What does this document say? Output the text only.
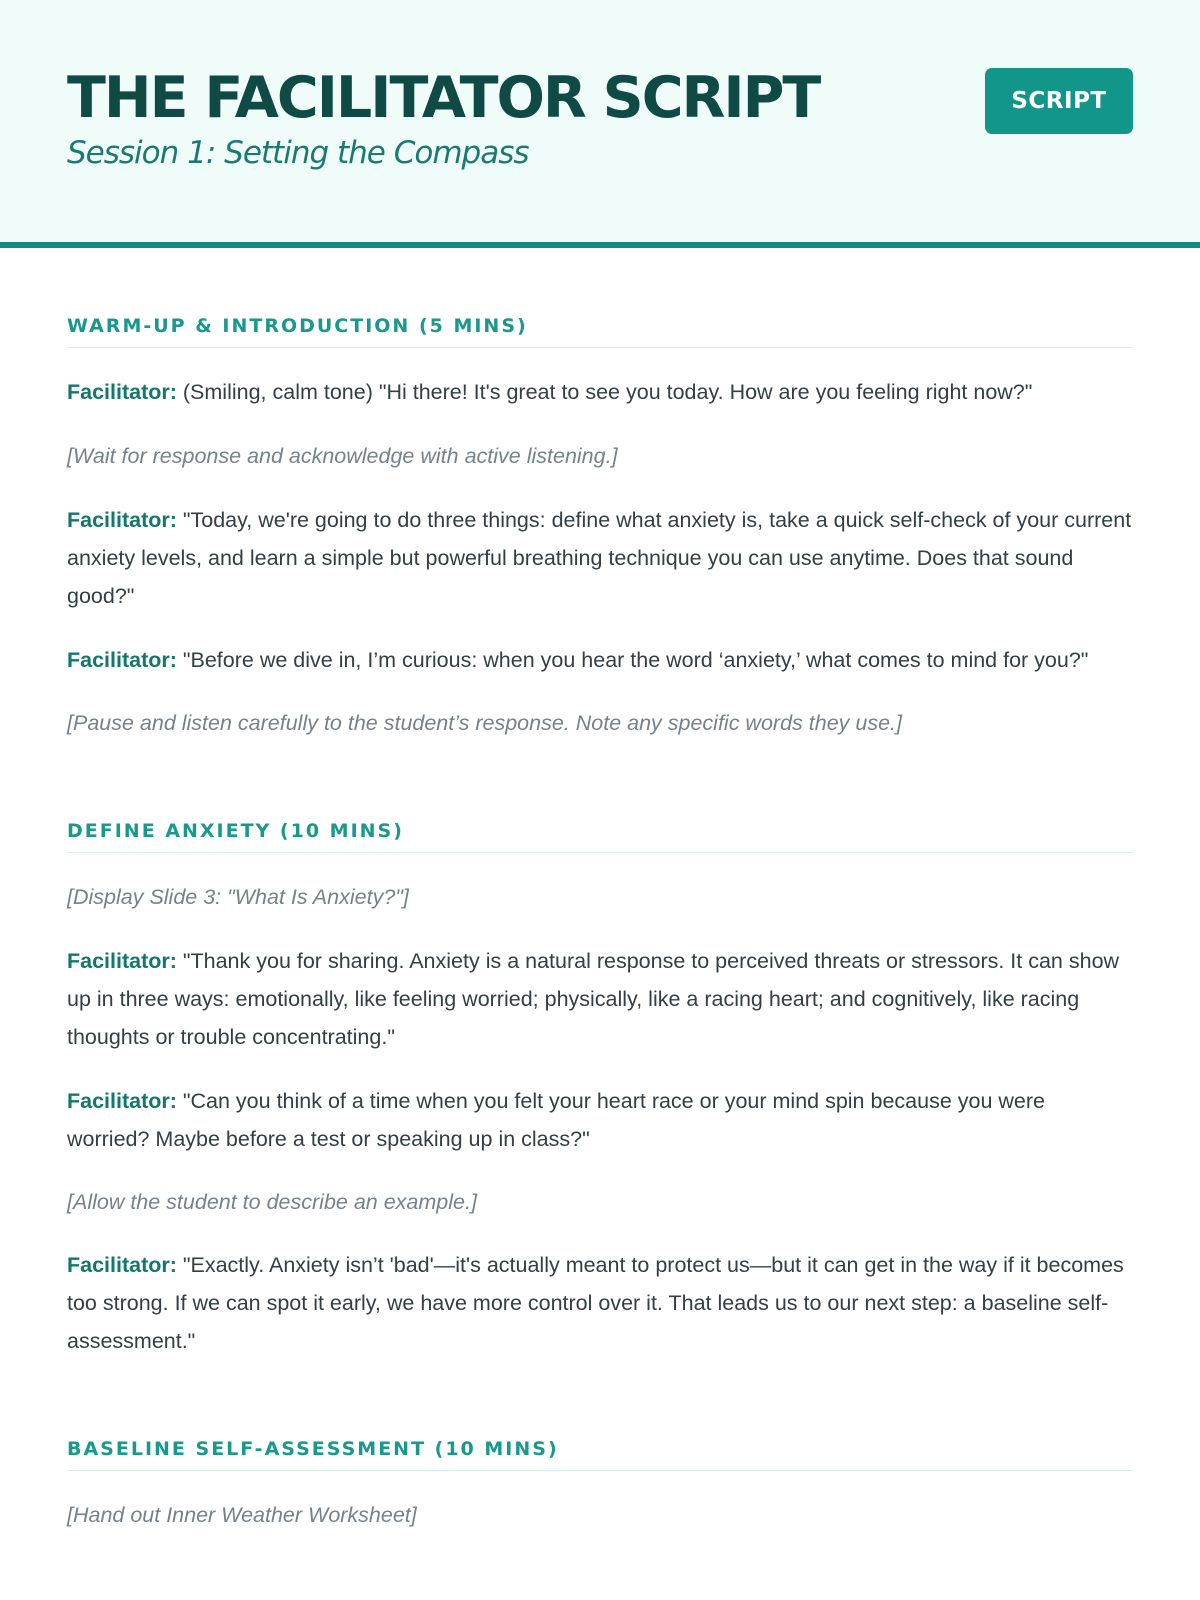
THE FACILITATOR SCRIPT

Session 1: Setting the Compass

SCRIPT
WARM-UP & INTRODUCTION (5 MINS)

Facilitator: (Smiling, calm tone) "Hi there! It's great to see you today. How are you feeling right now?"

[Wait for response and acknowledge with active listening.]

Facilitator: "Today, we're going to do three things: define what anxiety is, take a quick self-check of your current anxiety levels, and learn a simple but powerful breathing technique you can use anytime. Does that sound good?"

Facilitator: "Before we dive in, I’m curious: when you hear the word ‘anxiety,’ what comes to mind for you?"

[Pause and listen carefully to the student’s response. Note any specific words they use.]

DEFINE ANXIETY (10 MINS)

[Display Slide 3: "What Is Anxiety?"]

Facilitator: "Thank you for sharing. Anxiety is a natural response to perceived threats or stressors. It can show up in three ways: emotionally, like feeling worried; physically, like a racing heart; and cognitively, like racing thoughts or trouble concentrating."

Facilitator: "Can you think of a time when you felt your heart race or your mind spin because you were worried? Maybe before a test or speaking up in class?"

[Allow the student to describe an example.]

Facilitator: "Exactly. Anxiety isn’t 'bad'—it's actually meant to protect us—but it can get in the way if it becomes too strong. If we can spot it early, we have more control over it. That leads us to our next step: a baseline self-assessment."

BASELINE SELF-ASSESSMENT (10 MINS)

[Hand out Inner Weather Worksheet]
